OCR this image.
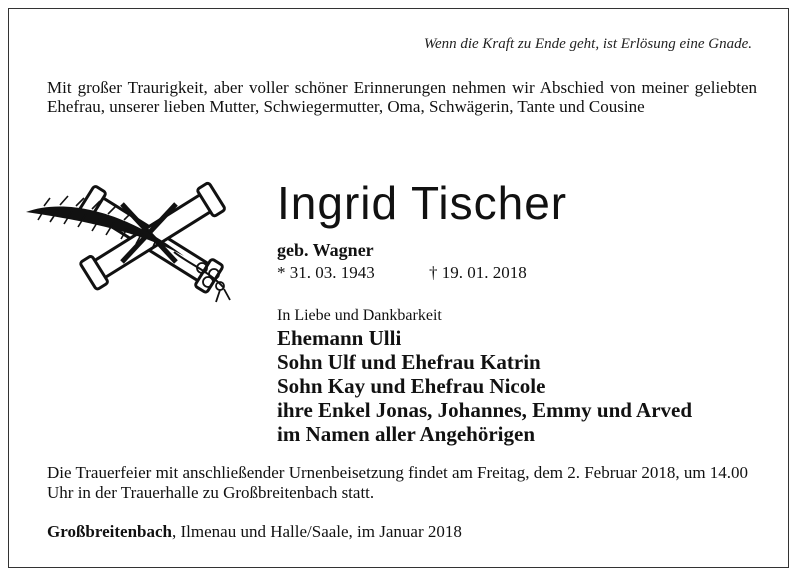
Wenn die Kraft zu Ende geht, ist Erlösung eine Gnade.
Mit großer Traurigkeit, aber voller schöner Erinnerungen nehmen wir Abschied von meiner geliebten Ehefrau, unserer lieben Mutter, Schwiegermutter, Oma, Schwägerin, Tante und Cousine
Ingrid Tischer
geb. Wagner
* 31. 03. 1943	† 19. 01. 2018
In Liebe und Dankbarkeit
Ehemann Ulli
Sohn Ulf und Ehefrau Katrin
Sohn Kay und Ehefrau Nicole
ihre Enkel Jonas, Johannes, Emmy und Arved
im Namen aller Angehörigen
Die Trauerfeier mit anschließender Urnenbeisetzung findet am Freitag, dem 2. Februar 2018, um 14.00 Uhr in der Trauerhalle zu Großbreitenbach statt.
Großbreitenbach, Ilmenau und Halle/Saale, im Januar 2018
